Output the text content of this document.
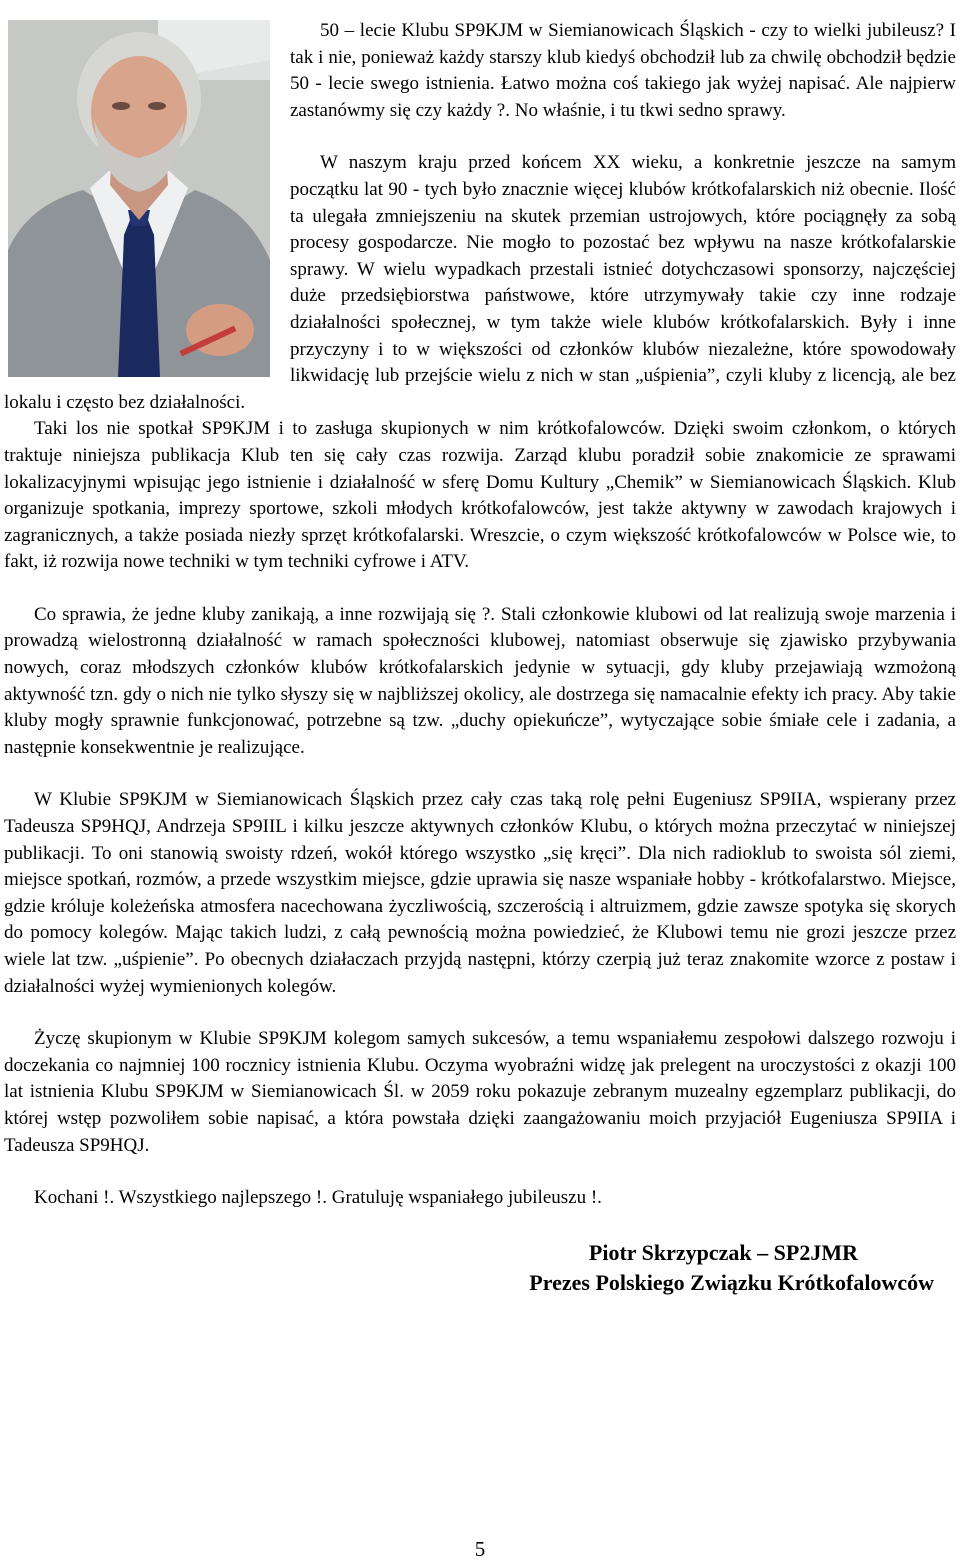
50 – lecie Klubu SP9KJM w Siemianowicach Śląskich - czy to wielki jubileusz? I tak i nie, ponieważ każdy starszy klub kiedyś obchodził lub za chwilę obchodził będzie 50 - lecie swego istnienia. Łatwo można coś takiego jak wyżej napisać. Ale najpierw zastanówmy się czy każdy ?. No właśnie, i tu tkwi sedno sprawy.

W naszym kraju przed końcem XX wieku, a konkretnie jeszcze na samym początku lat 90 - tych było znacznie więcej klubów krótkofalarskich niż obecnie. Ilość ta ulegała zmniejszeniu na skutek przemian ustrojowych, które pociągnęły za sobą procesy gospodarcze. Nie mogło to pozostać bez wpływu na nasze krótkofalarskie sprawy. W wielu wypadkach przestali istnieć dotychczasowi sponsorzy, najczęściej duże przedsiębiorstwa państwowe, które utrzymywały takie czy inne rodzaje działalności społecznej, w tym także wiele klubów krótkofalarskich. Były i inne przyczyny i to w większości od członków klubów niezależne, które spowodowały likwidację lub przejście wielu z nich w stan „uśpienia”, czyli kluby z licencją, ale bez lokalu i często bez działalności.

Taki los nie spotkał SP9KJM i to zasługa skupionych w nim krótkofalowców. Dzięki swoim członkom, o których traktuje niniejsza publikacja Klub ten się cały czas rozwija. Zarząd klubu poradził sobie znakomicie ze sprawami lokalizacyjnymi wpisując jego istnienie i działalność w sferę Domu Kultury „Chemik” w Siemianowicach Śląskich. Klub organizuje spotkania, imprezy sportowe, szkoli młodych krótkofalowców, jest także aktywny w zawodach krajowych i zagranicznych, a także posiada niezły sprzęt krótkofalarski. Wreszcie, o czym większość krótkofalowców w Polsce wie, to fakt, iż rozwija nowe techniki w tym techniki cyfrowe i ATV.

Co sprawia, że jedne kluby zanikają, a inne rozwijają się ?. Stali członkowie klubowi od lat realizują swoje marzenia i prowadzą wielostronną działalność w ramach społeczności klubowej, natomiast obserwuje się zjawisko przybywania nowych, coraz młodszych członków klubów krótkofalarskich jedynie w sytuacji, gdy kluby przejawiają wzmożoną aktywność tzn. gdy o nich nie tylko słyszy się w najbliższej okolicy, ale dostrzega się namacalnie efekty ich pracy. Aby takie kluby mogły sprawnie funkcjonować, potrzebne są tzw. „duchy opiekuńcze”, wytyczające sobie śmiałe cele i zadania, a następnie konsekwentnie je realizujące.

W Klubie SP9KJM w Siemianowicach Śląskich przez cały czas taką rolę pełni Eugeniusz SP9IIA, wspierany przez Tadeusza SP9HQJ, Andrzeja SP9IIL i kilku jeszcze aktywnych członków Klubu, o których można przeczytać w niniejszej publikacji. To oni stanowią swoisty rdzeń, wokół którego wszystko „się kręci”. Dla nich radioklub to swoista sól ziemi, miejsce spotkań, rozmów, a przede wszystkim miejsce, gdzie uprawia się nasze wspaniałe hobby - krótkofalarstwo. Miejsce, gdzie króluje koleżeńska atmosfera nacechowana życzliwością, szczerością i altruizmem, gdzie zawsze spotyka się skorych do pomocy kolegów. Mając takich ludzi, z całą pewnością można powiedzieć, że Klubowi temu nie grozi jeszcze przez wiele lat tzw. „uśpienie”. Po obecnych działaczach przyjdą następni, którzy czerpią już teraz znakomite wzorce z postaw i działalności wyżej wymienionych kolegów.

Życzę skupionym w Klubie SP9KJM kolegom samych sukcesów, a temu wspaniałemu zespołowi dalszego rozwoju i doczekania co najmniej 100 rocznicy istnienia Klubu. Oczyma wyobraźni widzę jak prelegent na uroczystości z okazji 100 lat istnienia Klubu SP9KJM w Siemianowicach Śl. w 2059 roku pokazuje zebranym muzealny egzemplarz publikacji, do której wstęp pozwoliłem sobie napisać, a która powstała dzięki zaangażowaniu moich przyjaciół Eugeniusza SP9IIA i Tadeusza SP9HQJ.

Kochani !. Wszystkiego najlepszego !. Gratuluję wspaniałego jubileuszu !.

Piotr Skrzypczak – SP2JMR
Prezes Polskiego Związku Krótkofalowców
5
